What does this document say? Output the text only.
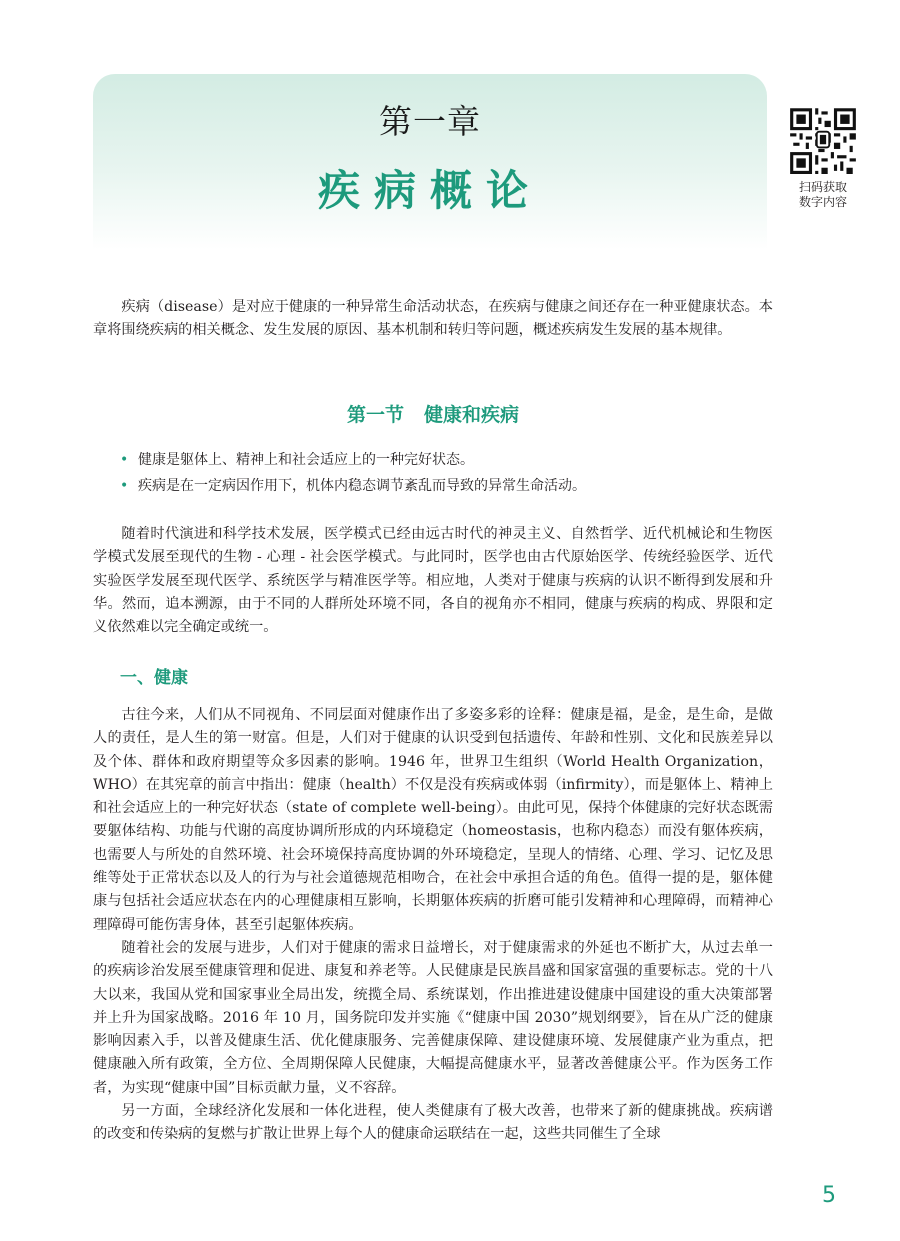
第一章
疾病概论	扫码获取
数字内容

疾病（disease）是对应于健康的一种异常生命活动状态，在疾病与健康之间还存在一种亚健康状态。本章将围绕疾病的相关概念、发生发展的原因、基本机制和转归等问题，概述疾病发生发展的基本规律。

第一节 健康和疾病
• 健康是躯体上、精神上和社会适应上的一种完好状态。
• 疾病是在一定病因作用下，机体内稳态调节紊乱而导致的异常生命活动。

随着时代演进和科学技术发展，医学模式已经由远古时代的神灵主义、自然哲学、近代机械论和生物医学模式发展至现代的生物 - 心理 - 社会医学模式。与此同时，医学也由古代原始医学、传统经验医学、近代实验医学发展至现代医学、系统医学与精准医学等。相应地，人类对于健康与疾病的认识不断得到发展和升华。然而，追本溯源，由于不同的人群所处环境不同，各自的视角亦不相同，健康与疾病的构成、界限和定义依然难以完全确定或统一。

一、健康

古往今来，人们从不同视角、不同层面对健康作出了多姿多彩的诠释：健康是福，是金，是生命，是做人的责任，是人生的第一财富。但是，人们对于健康的认识受到包括遗传、年龄和性别、文化和民族差异以及个体、群体和政府期望等众多因素的影响。1946 年，世界卫生组织（World Health Organization，WHO）在其宪章的前言中指出：健康（health）不仅是没有疾病或体弱（infirmity），而是躯体上、精神上和社会适应上的一种完好状态（state of complete well-being）。由此可见，保持个体健康的完好状态既需要躯体结构、功能与代谢的高度协调所形成的内环境稳定（homeostasis，也称内稳态）而没有躯体疾病，也需要人与所处的自然环境、社会环境保持高度协调的外环境稳定，呈现人的情绪、心理、学习、记忆及思维等处于正常状态以及人的行为与社会道德规范相吻合，在社会中承担合适的角色。值得一提的是，躯体健康与包括社会适应状态在内的心理健康相互影响，长期躯体疾病的折磨可能引发精神和心理障碍，而精神心理障碍可能伤害身体，甚至引起躯体疾病。

随着社会的发展与进步，人们对于健康的需求日益增长，对于健康需求的外延也不断扩大，从过去单一的疾病诊治发展至健康管理和促进、康复和养老等。人民健康是民族昌盛和国家富强的重要标志。党的十八大以来，我国从党和国家事业全局出发，统揽全局、系统谋划，作出推进建设健康中国建设的重大决策部署并上升为国家战略。2016 年 10 月，国务院印发并实施《“健康中国 2030”规划纲要》，旨在从广泛的健康影响因素入手，以普及健康生活、优化健康服务、完善健康保障、建设健康环境、发展健康产业为重点，把健康融入所有政策，全方位、全周期保障人民健康，大幅提高健康水平，显著改善健康公平。作为医务工作者，为实现“健康中国”目标贡献力量，义不容辞。

另一方面，全球经济化发展和一体化进程，使人类健康有了极大改善，也带来了新的健康挑战。疾病谱的改变和传染病的复燃与扩散让世界上每个人的健康命运联结在一起，这些共同催生了全球

5
